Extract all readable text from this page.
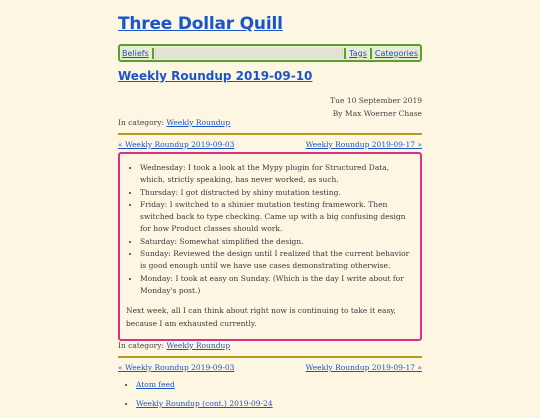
Three Dollar Quill
Beliefs	Tags Categories
Weekly Roundup 2019-09-10
Tue 10 September 2019
By Max Woerner Chase
In category: Weekly Roundup
« Weekly Roundup 2019-09-03	Weekly Roundup 2019-09-17 »
• Wednesday: I took a look at the Mypy plugin for Structured Data, which, strictly speaking, has never worked, as such.
• Thursday: I got distracted by shiny mutation testing.
• Friday: I switched to a shinier mutation testing framework. Then switched back to type checking. Came up with a big confusing design for how Product classes should work.
• Saturday: Somewhat simplified the design.
• Sunday: Reviewed the design until I realized that the current behavior is good enough until we have use cases demonstrating otherwise.
• Monday: I took at easy on Sunday. (Which is the day I write about for Monday's post.)

Next week, all I can think about right now is continuing to take it easy, because I am exhausted currently.

In category: Weekly Roundup
« Weekly Roundup 2019-09-03	Weekly Roundup 2019-09-17 »
• Atom feed
• Weekly Roundup (cont.) 2019-09-24
